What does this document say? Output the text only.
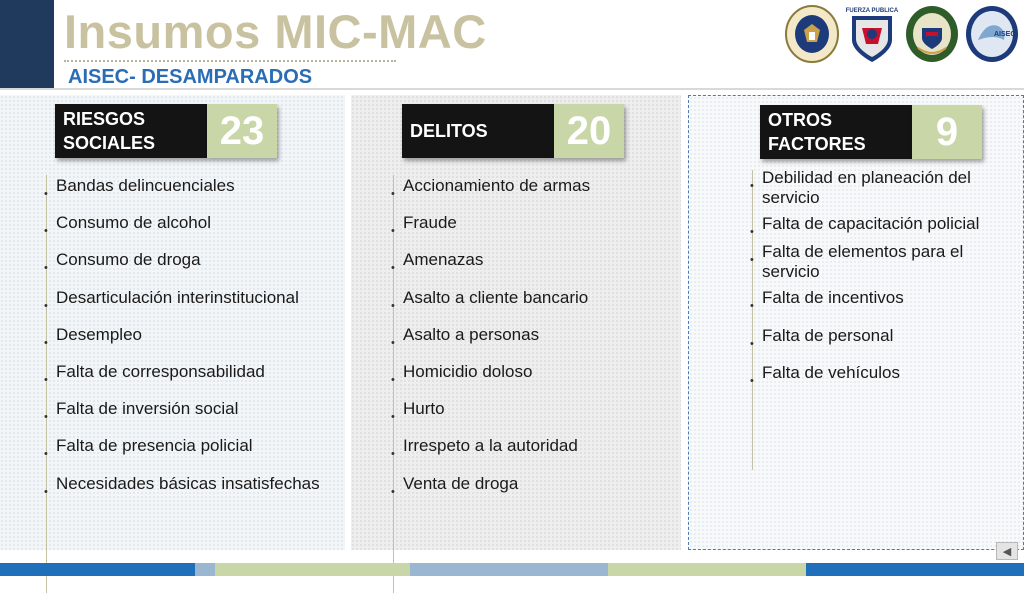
Insumos MIC-MAC
AISEC- DESAMPARADOS
FUERZA PUBLICA
AISEC
RIESGOS
SOCIALES	23
• Bandas delincuenciales
• Consumo de alcohol
• Consumo de droga
• Desarticulación interinstitucional
• Desempleo
• Falta de corresponsabilidad
• Falta de inversión social
• Falta de presencia policial
• Necesidades básicas insatisfechas
DELITOS	20
• Accionamiento de armas
• Fraude
• Amenazas
• Asalto a cliente bancario
• Asalto a personas
• Homicidio doloso
• Hurto
• Irrespeto a la autoridad
• Venta de droga
OTROS
FACTORES	9
• Debilidad en planeación del servicio
• Falta de capacitación policial
• Falta de elementos para el servicio
• Falta de incentivos
• Falta de personal
• Falta de vehículos
◀
